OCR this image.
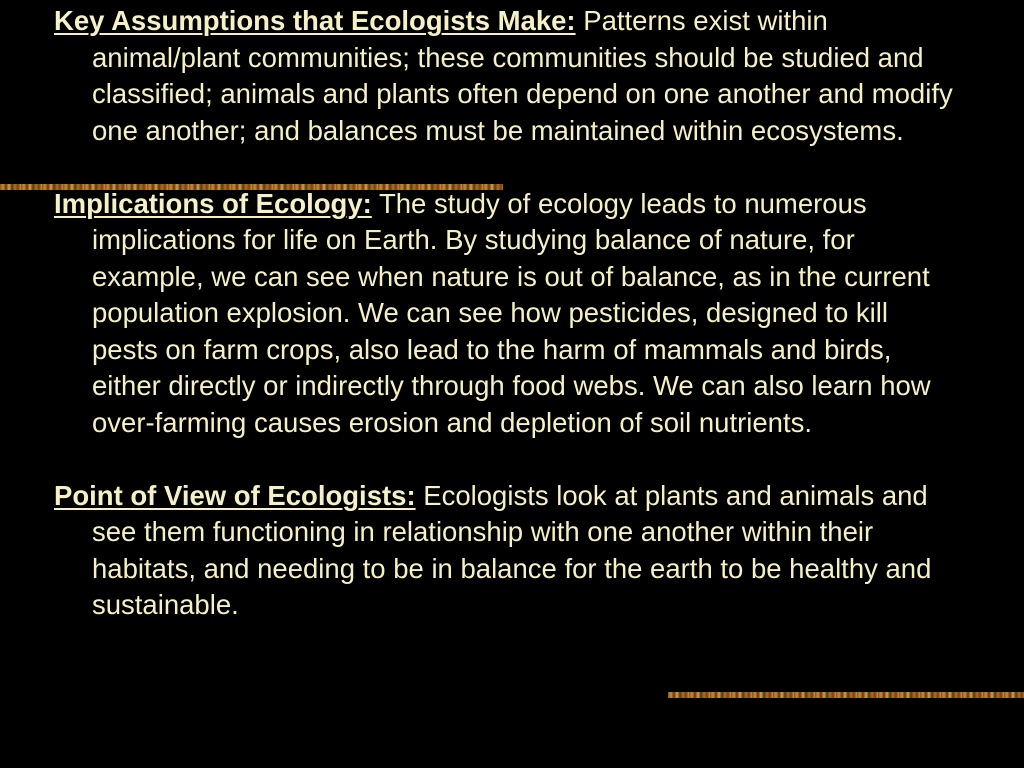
Key Assumptions that Ecologists Make: Patterns exist within animal/plant communities; these communities should be studied and classified; animals and plants often depend on one another and modify one another; and balances must be maintained within ecosystems.

Implications of Ecology: The study of ecology leads to numerous implications for life on Earth. By studying balance of nature, for example, we can see when nature is out of balance, as in the current population explosion. We can see how pesticides, designed to kill pests on farm crops, also lead to the harm of mammals and birds, either directly or indirectly through food webs. We can also learn how over-farming causes erosion and depletion of soil nutrients.

Point of View of Ecologists: Ecologists look at plants and animals and see them functioning in relationship with one another within their habitats, and needing to be in balance for the earth to be healthy and sustainable.
